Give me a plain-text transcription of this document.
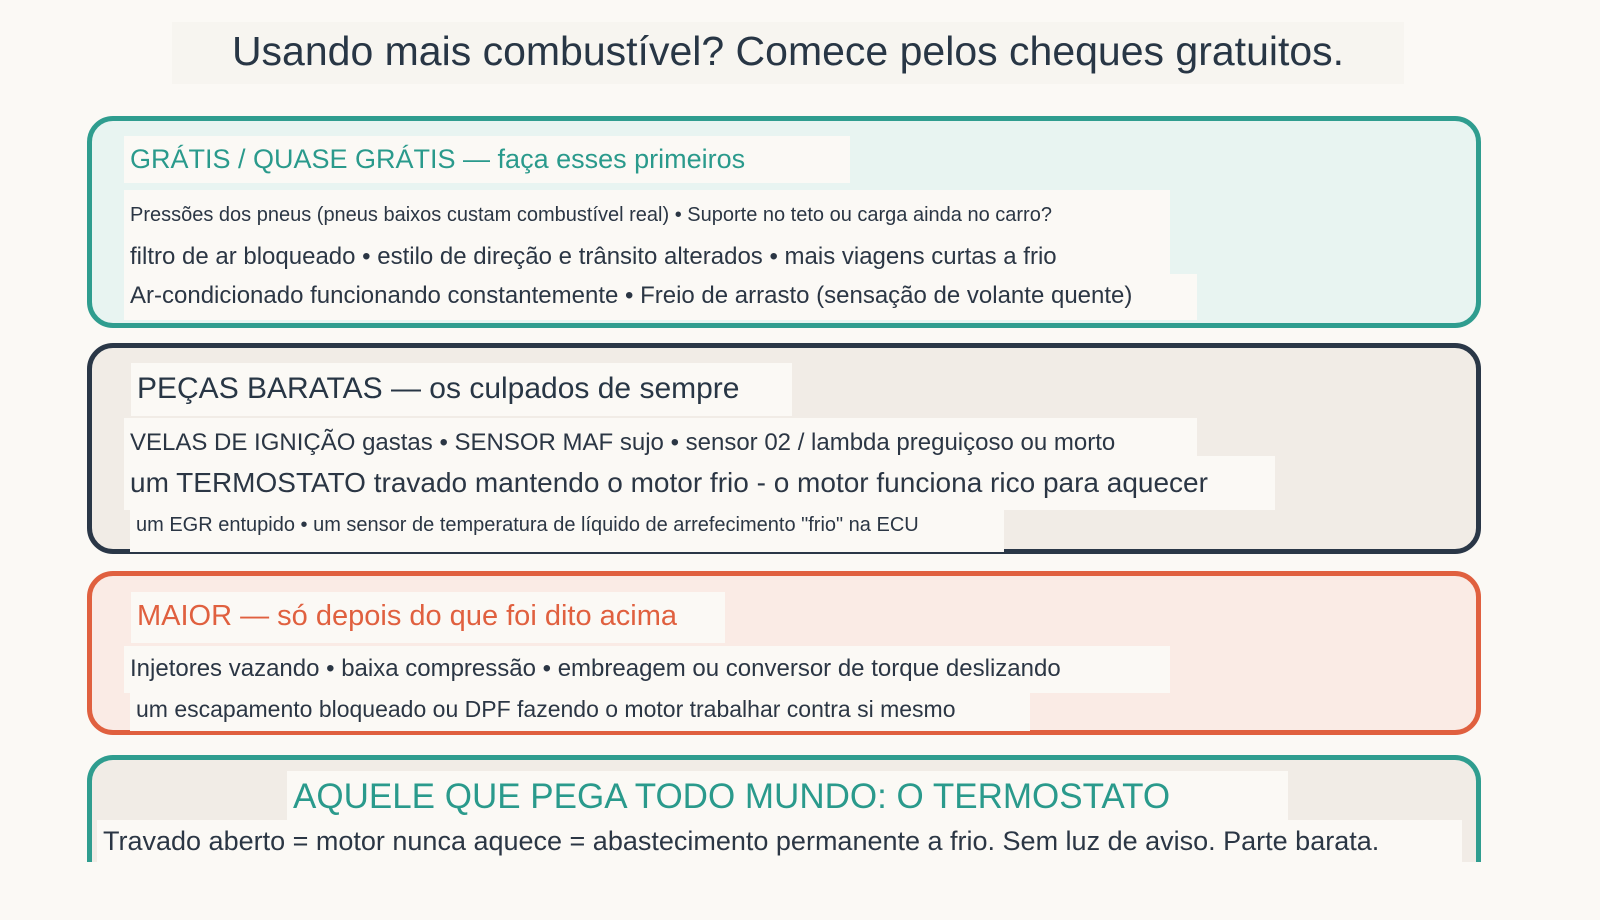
Usando mais combustível? Comece pelos cheques gratuitos.
GRÁTIS / QUASE GRÁTIS — faça esses primeiros
Pressões dos pneus (pneus baixos custam combustível real) • Suporte no teto ou carga ainda no carro?
filtro de ar bloqueado • estilo de direção e trânsito alterados • mais viagens curtas a frio
Ar-condicionado funcionando constantemente • Freio de arrasto (sensação de volante quente)
PEÇAS BARATAS — os culpados de sempre
VELAS DE IGNIÇÃO gastas • SENSOR MAF sujo • sensor 02 / lambda preguiçoso ou morto
um TERMOSTATO travado mantendo o motor frio - o motor funciona rico para aquecer
um EGR entupido • um sensor de temperatura de líquido de arrefecimento "frio" na ECU
MAIOR — só depois do que foi dito acima
Injetores vazando • baixa compressão • embreagem ou conversor de torque deslizando
um escapamento bloqueado ou DPF fazendo o motor trabalhar contra si mesmo
AQUELE QUE PEGA TODO MUNDO: O TERMOSTATO
Travado aberto = motor nunca aquece = abastecimento permanente a frio. Sem luz de aviso. Parte barata.
